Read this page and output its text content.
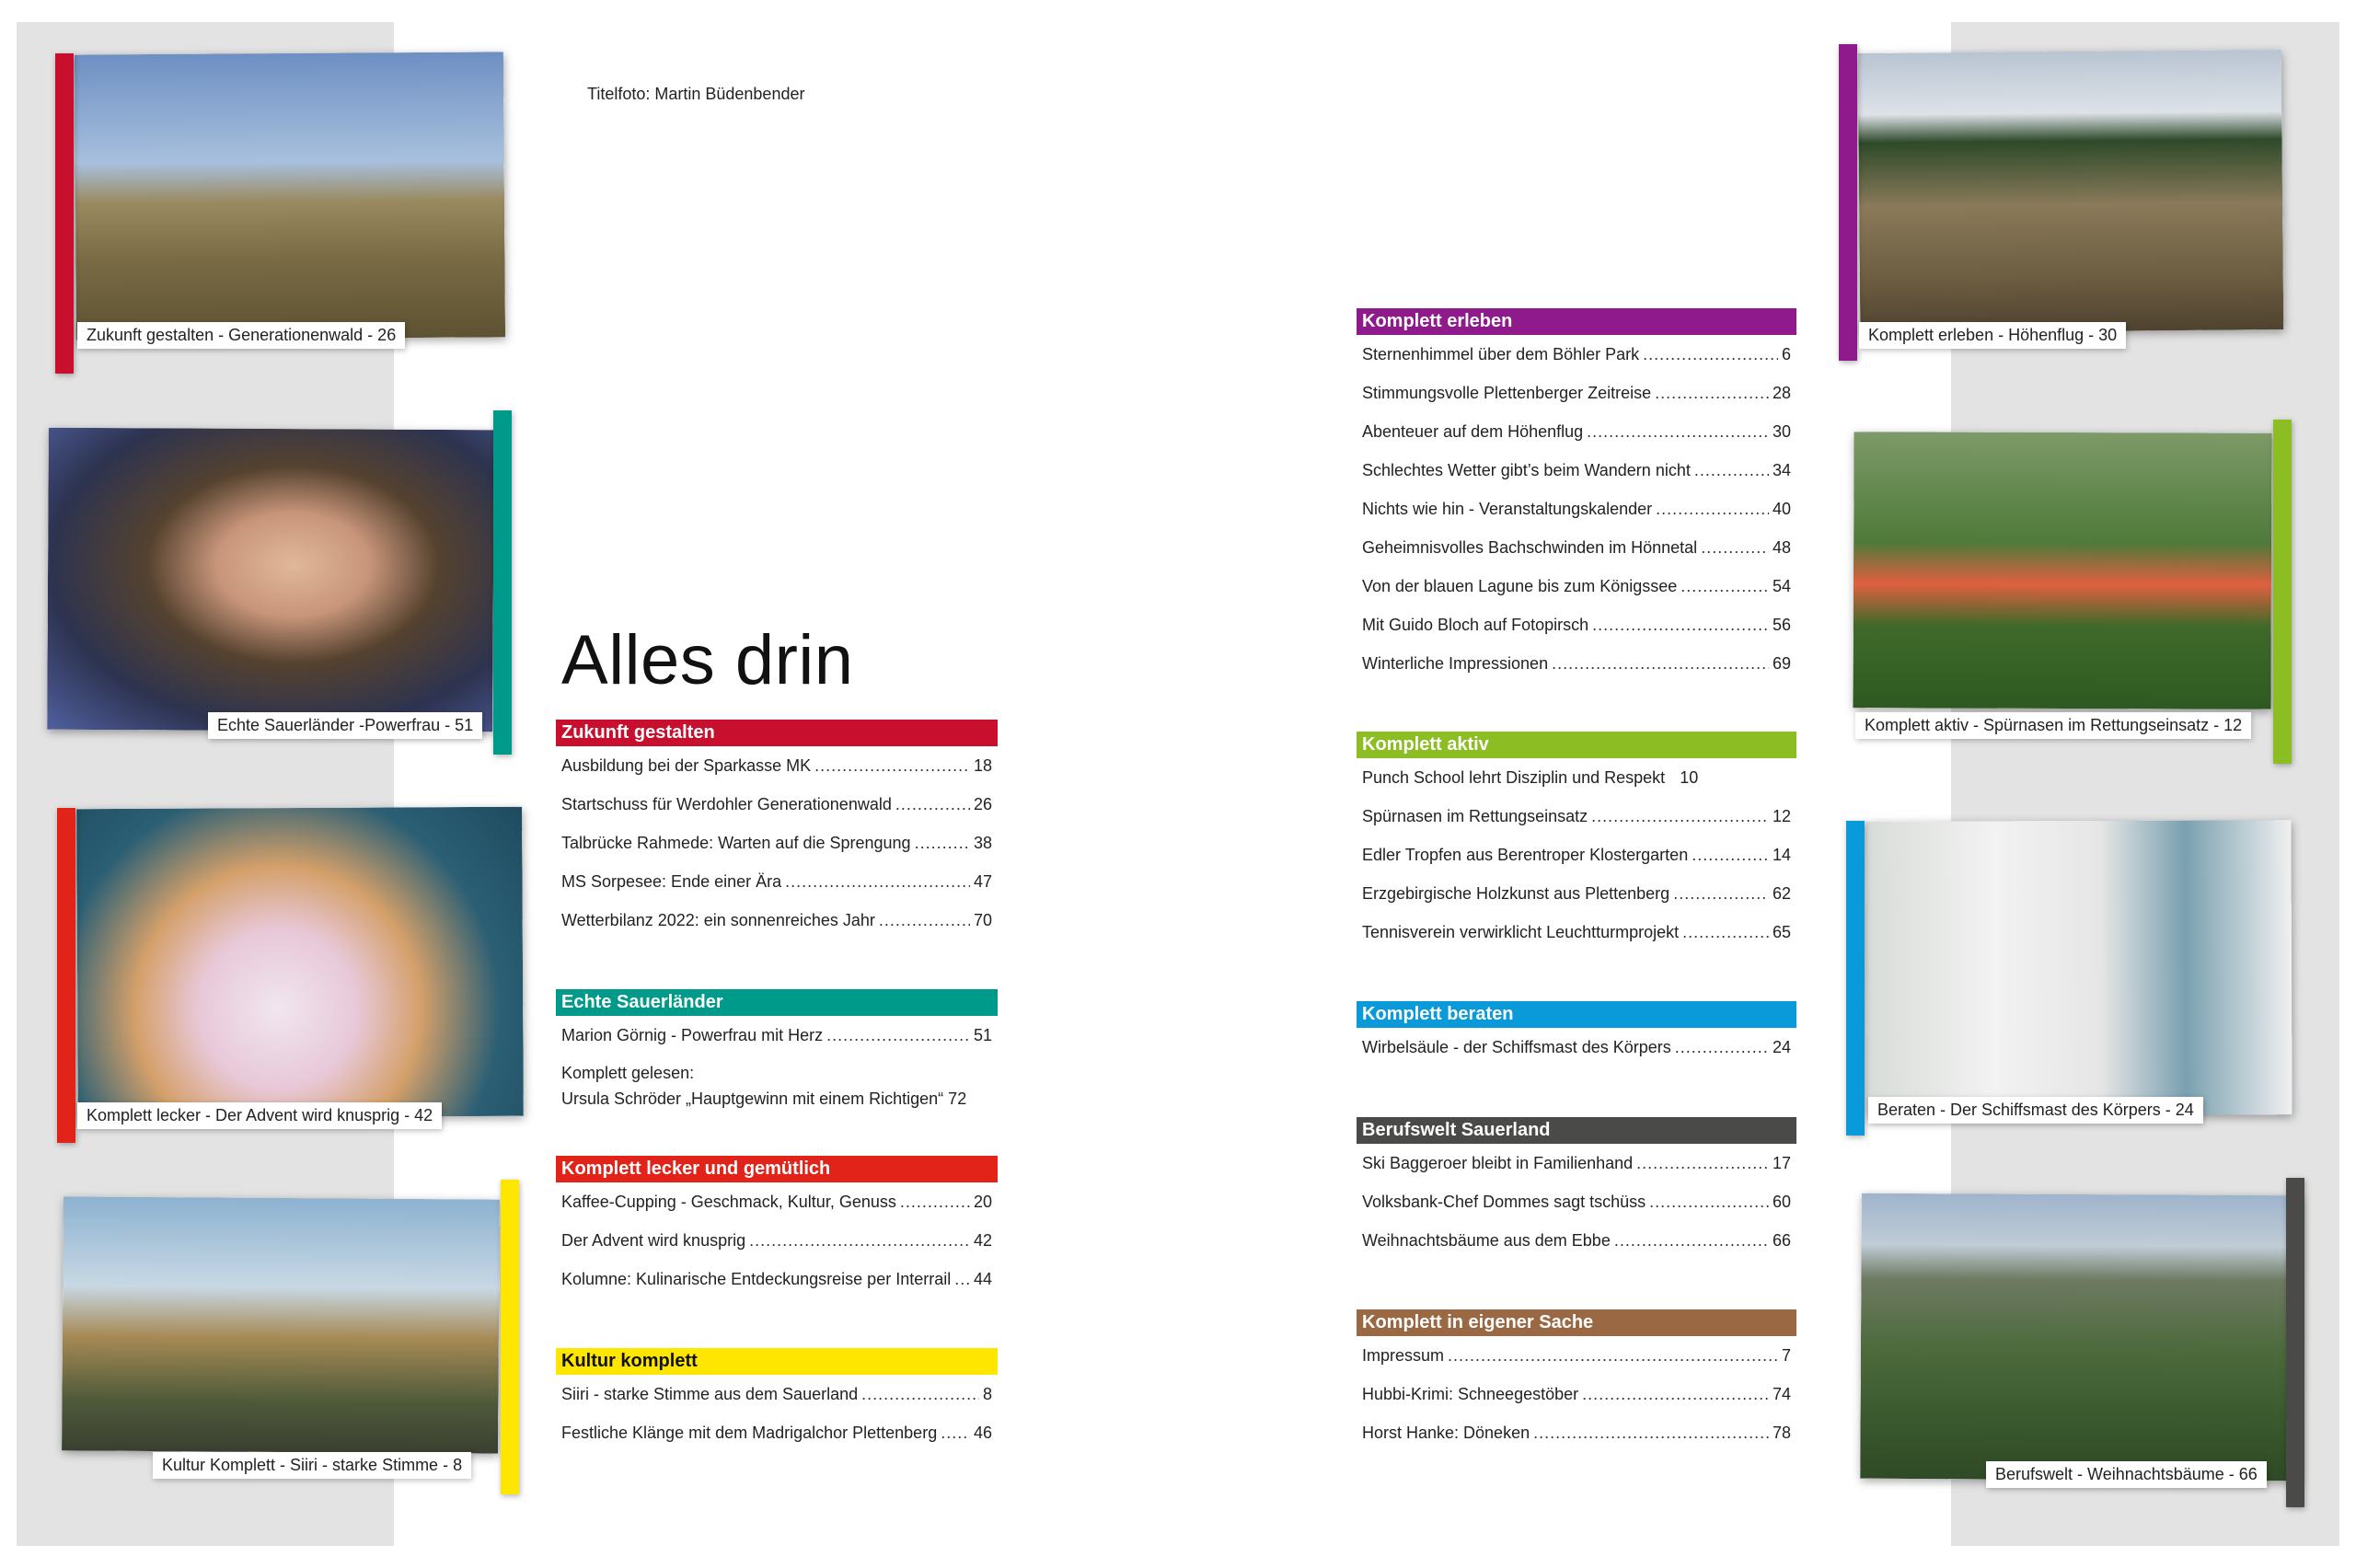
Titelfoto: Martin Büdenbender
Alles drin
Zukunft gestalten - Generationenwald - 26
Echte Sauerländer -Powerfrau - 51
Komplett lecker - Der Advent wird knusprig - 42
Kultur Komplett - Siiri - starke Stimme - 8
Komplett erleben - Höhenflug - 30
Komplett aktiv - Spürnasen im Rettungseinsatz - 12
Beraten - Der Schiffsmast des Körpers - 24
Berufswelt - Weihnachtsbäume - 66
Zukunft gestalten
Ausbildung bei der Sparkasse MK .....	18
Startschuss für Werdohler Generationenwald .....	26
Talbrücke Rahmede: Warten auf die Sprengung .....	38
MS Sorpesee: Ende einer Ära .....	47
Wetterbilanz 2022: ein sonnenreiches Jahr .....	70
Echte Sauerländer
Marion Görnig - Powerfrau mit Herz .....	51
Komplett gelesen:
Ursula Schröder „Hauptgewinn mit einem Richtigen“ 72
Komplett lecker und gemütlich
Kaffee-Cupping - Geschmack, Kultur, Genuss .....	20
Der Advent wird knusprig .....	42
Kolumne: Kulinarische Entdeckungsreise per Interrail ..... 44
Kultur komplett
Siiri - starke Stimme aus dem Sauerland .....	8
Festliche Klänge mit dem Madrigalchor Plettenberg ..... 46
Komplett erleben
Sternenhimmel über dem Böhler Park .....	6
Stimmungsvolle Plettenberger Zeitreise .....	28
Abenteuer auf dem Höhenflug .....	30
Schlechtes Wetter gibt’s beim Wandern nicht .....	34
Nichts wie hin - Veranstaltungskalender .....	40
Geheimnisvolles Bachschwinden im Hönnetal .....	48
Von der blauen Lagune bis zum Königssee .....	54
Mit Guido Bloch auf Fotopirsch .....	56
Winterliche Impressionen .....	69
Komplett aktiv
Punch School lehrt Disziplin und Respekt 10
Spürnasen im Rettungseinsatz .....	12
Edler Tropfen aus Berentroper Klostergarten .....	14
Erzgebirgische Holzkunst aus Plettenberg .....	62
Tennisverein verwirklicht Leuchtturmprojekt .....	65
Komplett beraten
Wirbelsäule - der Schiffsmast des Körpers .....	24
Berufswelt Sauerland
Ski Baggeroer bleibt in Familienhand .....	17
Volksbank-Chef Dommes sagt tschüss .....	60
Weihnachtsbäume aus dem Ebbe .....	66
Komplett in eigener Sache
Impressum .....	7
Hubbi-Krimi: Schneegestöber .....	74
Horst Hanke: Döneken .....	78
